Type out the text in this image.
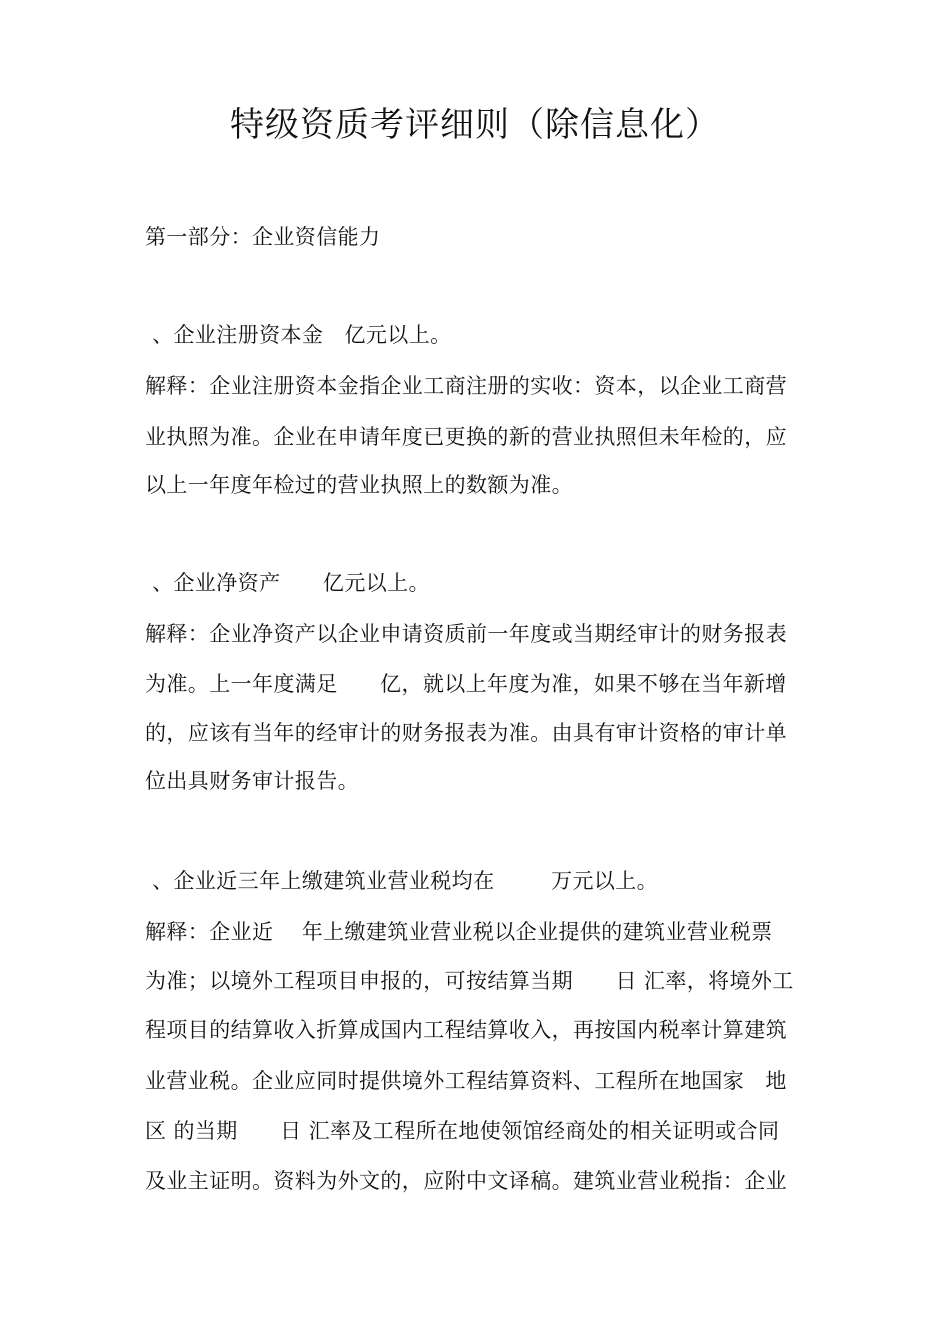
特级资质考评细则（除信息化）
第一部分：企业资信能力
、企业注册资本金   亿元以上。
解释：企业注册资本金指企业工商注册的实收：资本，以企业工商营
业执照为准。企业在申请年度已更换的新的营业执照但未年检的，应
以上一年度年检过的营业执照上的数额为准。
、企业净资产      亿元以上。
解释：企业净资产以企业申请资质前一年度或当期经审计的财务报表
为准。上一年度满足      亿，就以上年度为准，如果不够在当年新增
的，应该有当年的经审计的财务报表为准。由具有审计资格的审计单
位出具财务审计报告。
、企业近三年上缴建筑业营业税均在        万元以上。
解释：企业近    年上缴建筑业营业税以企业提供的建筑业营业税票
为准；以境外工程项目申报的，可按结算当期      日 汇率，将境外工
程项目的结算收入折算成国内工程结算收入，再按国内税率计算建筑
业营业税。企业应同时提供境外工程结算资料、工程所在地国家   地
区 的当期      日 汇率及工程所在地使领馆经商处的相关证明或合同
及业主证明。资料为外文的，应附中文译稿。建筑业营业税指：企业
